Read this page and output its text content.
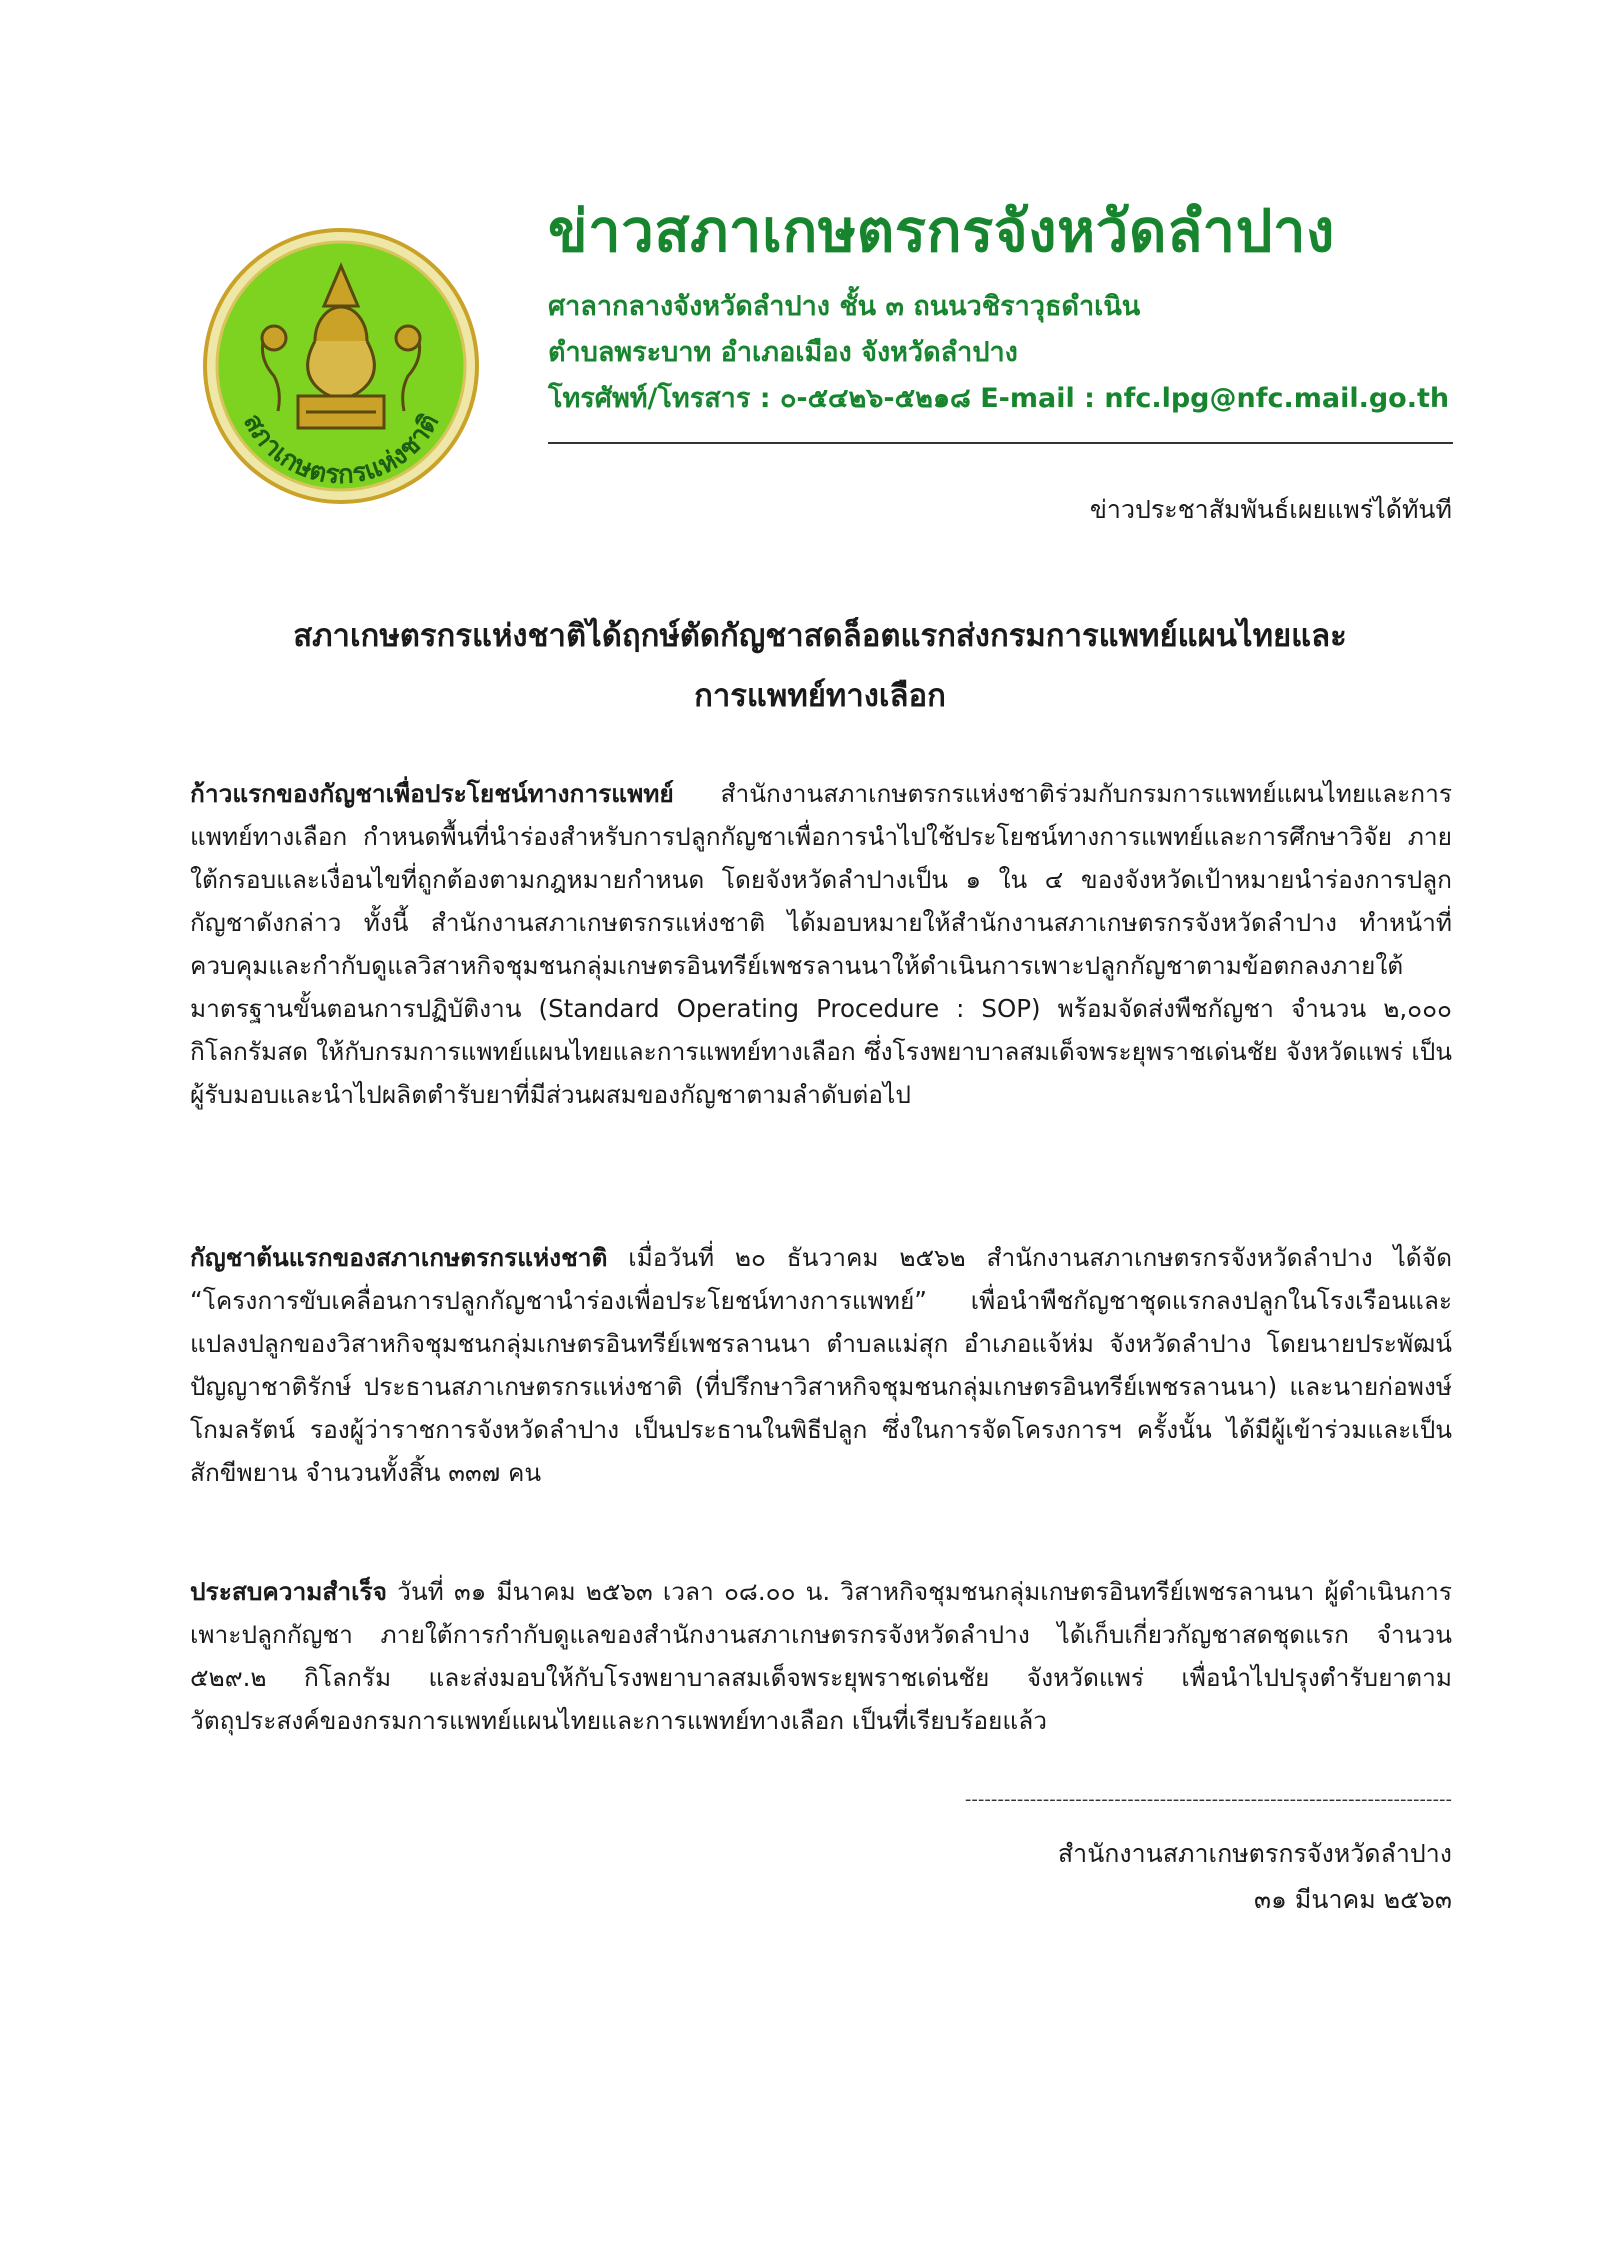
สภาเกษตรกรแห่งชาติ
ข่าวสภาเกษตรกรจังหวัดลำปาง
ศาลากลางจังหวัดลำปาง ชั้น ๓ ถนนวชิราวุธดำเนิน
ตำบลพระบาท อำเภอเมือง จังหวัดลำปาง
โทรศัพท์/โทรสาร : ๐-๕๔๒๖-๕๒๑๘ E-mail : nfc.lpg@nfc.mail.go.th
ข่าวประชาสัมพันธ์เผยแพร่ได้ทันที
สภาเกษตรกรแห่งชาติได้ฤกษ์ตัดกัญชาสดล็อตแรกส่งกรมการแพทย์แผนไทยและ
การแพทย์ทางเลือก

ก้าวแรกของกัญชาเพื่อประโยชน์ทางการแพทย์ สำนักงานสภาเกษตรกรแห่งชาติร่วมกับกรมการแพทย์แผนไทยและการแพทย์ทางเลือก กำหนดพื้นที่นำร่องสำหรับการปลูกกัญชาเพื่อการนำไปใช้ประโยชน์ทางการแพทย์และการศึกษาวิจัย ภายใต้กรอบและเงื่อนไขที่ถูกต้องตามกฎหมายกำหนด โดยจังหวัดลำปางเป็น ๑ ใน ๔ ของจังหวัดเป้าหมายนำร่องการปลูกกัญชาดังกล่าว ทั้งนี้ สำนักงานสภาเกษตรกรแห่งชาติ ได้มอบหมายให้สำนักงานสภาเกษตรกรจังหวัดลำปาง ทำหน้าที่ควบคุมและกำกับดูแลวิสาหกิจชุมชนกลุ่มเกษตรอินทรีย์เพชรลานนาให้ดำเนินการเพาะปลูกกัญชาตามข้อตกลงภายใต้มาตรฐานขั้นตอนการปฏิบัติงาน (Standard Operating Procedure : SOP) พร้อมจัดส่งพืชกัญชา จำนวน ๒,๐๐๐ กิโลกรัมสด ให้กับกรมการแพทย์แผนไทยและการแพทย์ทางเลือก ซึ่งโรงพยาบาลสมเด็จพระยุพราชเด่นชัย จังหวัดแพร่ เป็นผู้รับมอบและนำไปผลิตตำรับยาที่มีส่วนผสมของกัญชาตามลำดับต่อไป

กัญชาต้นแรกของสภาเกษตรกรแห่งชาติ เมื่อวันที่ ๒๐ ธันวาคม ๒๕๖๒ สำนักงานสภาเกษตรกรจังหวัดลำปาง ได้จัด “โครงการขับเคลื่อนการปลูกกัญชานำร่องเพื่อประโยชน์ทางการแพทย์” เพื่อนำพืชกัญชาชุดแรกลงปลูกในโรงเรือนและแปลงปลูกของวิสาหกิจชุมชนกลุ่มเกษตรอินทรีย์เพชรลานนา ตำบลแม่สุก อำเภอแจ้ห่ม จังหวัดลำปาง โดยนายประพัฒน์ ปัญญาชาติรักษ์ ประธานสภาเกษตรกรแห่งชาติ (ที่ปรึกษาวิสาหกิจชุมชนกลุ่มเกษตรอินทรีย์เพชรลานนา) และนายก่อพงษ์ โกมลรัตน์ รองผู้ว่าราชการจังหวัดลำปาง เป็นประธานในพิธีปลูก ซึ่งในการจัดโครงการฯ ครั้งนั้น ได้มีผู้เข้าร่วมและเป็นสักขีพยาน จำนวนทั้งสิ้น ๓๓๗ คน

ประสบความสำเร็จ วันที่ ๓๑ มีนาคม ๒๕๖๓ เวลา ๐๘.๐๐ น. วิสาหกิจชุมชนกลุ่มเกษตรอินทรีย์เพชรลานนา ผู้ดำเนินการเพาะปลูกกัญชา ภายใต้การกำกับดูแลของสำนักงานสภาเกษตรกรจังหวัดลำปาง ได้เก็บเกี่ยวกัญชาสดชุดแรก จำนวน ๕๒๙.๒ กิโลกรัม และส่งมอบให้กับโรงพยาบาลสมเด็จพระยุพราชเด่นชัย จังหวัดแพร่ เพื่อนำไปปรุงตำรับยาตามวัตถุประสงค์ของกรมการแพทย์แผนไทยและการแพทย์ทางเลือก เป็นที่เรียบร้อยแล้ว

---------------------------------------------------------------------------
สำนักงานสภาเกษตรกรจังหวัดลำปาง
๓๑ มีนาคม ๒๕๖๓
